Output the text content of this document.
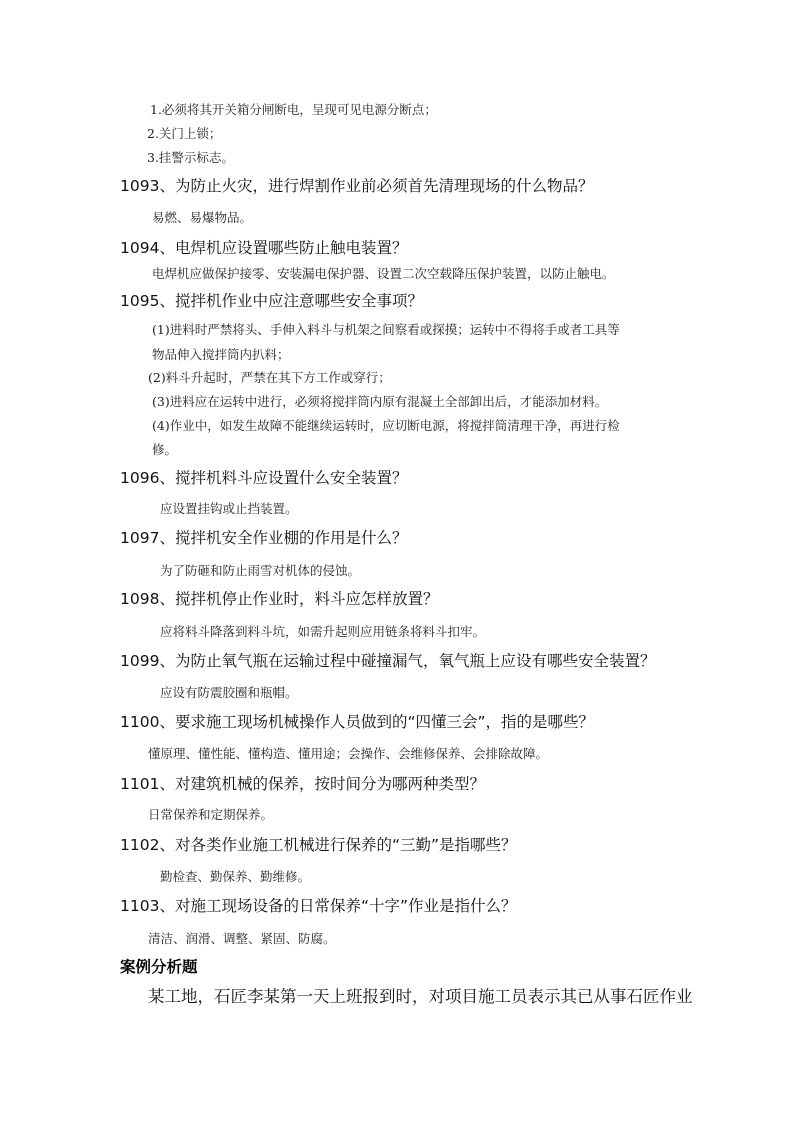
1.必须将其开关箱分闸断电，呈现可见电源分断点；
2.关门上锁；
3.挂警示标志。
1093、为防止火灾，进行焊割作业前必须首先清理现场的什么物品？
易燃、易爆物品。
1094、电焊机应设置哪些防止触电装置？
电焊机应做保护接零、安装漏电保护器、设置二次空载降压保护装置，以防止触电。
1095、搅拌机作业中应注意哪些安全事项？
(1)进料时严禁将头、手伸入料斗与机架之间察看或探摸；运转中不得将手或者工具等
物品伸入搅拌筒内扒料；
(2)料斗升起时，严禁在其下方工作或穿行；
(3)进料应在运转中进行，必须将搅拌筒内原有混凝土全部卸出后，才能添加材料。
(4)作业中，如发生故障不能继续运转时，应切断电源，将搅拌筒清理干净，再进行检
修。
1096、搅拌机料斗应设置什么安全装置？
应设置挂钩或止挡装置。
1097、搅拌机安全作业棚的作用是什么？
为了防砸和防止雨雪对机体的侵蚀。
1098、搅拌机停止作业时，料斗应怎样放置？
应将料斗降落到料斗坑，如需升起则应用链条将料斗扣牢。
1099、为防止氧气瓶在运输过程中碰撞漏气，氧气瓶上应设有哪些安全装置？
应设有防震胶圈和瓶帽。
1100、要求施工现场机械操作人员做到的“四懂三会”，指的是哪些？
懂原理、懂性能、懂构造、懂用途；会操作、会维修保养、会排除故障。
1101、对建筑机械的保养，按时间分为哪两种类型？
日常保养和定期保养。
1102、对各类作业施工机械进行保养的“三勤”是指哪些？
勤检查、勤保养、勤维修。
1103、对施工现场设备的日常保养“十字”作业是指什么？
清洁、润滑、调整、紧固、防腐。
案例分析题
某工地，石匠李某第一天上班报到时，对项目施工员表示其已从事石匠作业
